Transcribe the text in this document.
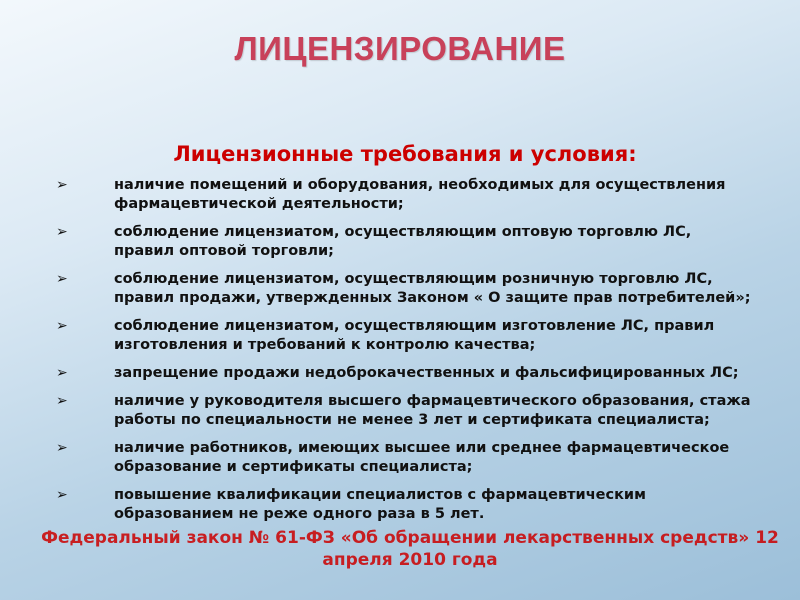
ЛИЦЕНЗИРОВАНИЕ
Лицензионные требования и условия:
➢	наличие помещений и оборудования, необходимых для осуществления фармацевтической деятельности;
➢	соблюдение лицензиатом, осуществляющим оптовую торговлю ЛС, правил оптовой торговли;
➢	соблюдение лицензиатом, осуществляющим розничную торговлю ЛС, правил продажи, утвержденных Законом « О защите прав потребителей»;
➢	соблюдение лицензиатом, осуществляющим изготовление ЛС, правил изготовления и требований к контролю качества;
➢	запрещение продажи недоброкачественных и фальсифицированных ЛС;
➢	наличие у руководителя высшего фармацевтического образования, стажа работы по специальности не менее 3 лет и сертификата специалиста;
➢	наличие работников, имеющих высшее или среднее фармацевтическое образование и сертификаты специалиста;
➢	повышение квалификации специалистов с фармацевтическим образованием не реже одного раза в 5 лет.
Федеральный закон № 61-ФЗ «Об обращении лекарственных средств» 12 апреля 2010 года
